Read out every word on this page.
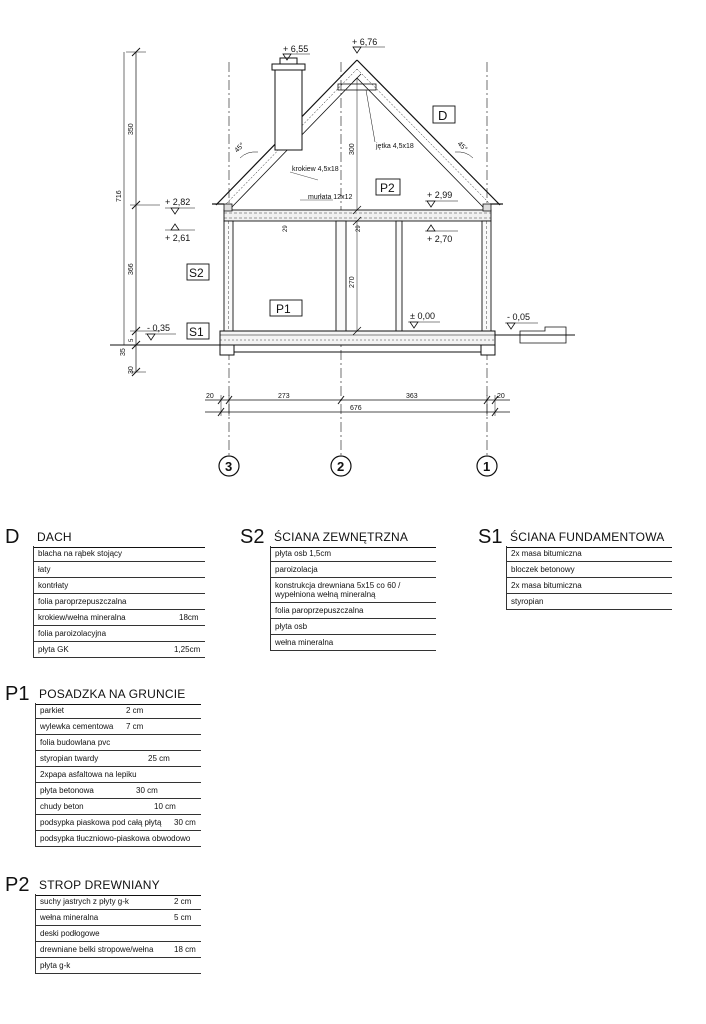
+ 6,55
+ 6,76
+ 2,82
+ 2,61
+ 2,99
+ 2,70
± 0,00
- 0,35
- 0,05
krokiew 4,5x18
jętka 4,5x18
murłata 12x12
45°	45°
D
P2
S2
P1
S1
716
350
366
35
30
5
300
270
29	29
20	273	363	20
676
3	2	1
D	DACH
blacha na rąbek stojący
łaty
kontrłaty
folia paroprzepuszczalna
krokiew/wełna mineralna	18cm
folia paroizolacyjna
płyta GK	1,25cm
S2 ŚCIANA ZEWNĘTRZNA
płyta osb 1,5cm
paroizolacja
konstrukcja drewniana 5x15 co 60 / wypełniona wełną mineralną
folia paroprzepuszczalna
płyta osb
wełna mineralna
S1 ŚCIANA FUNDAMENTOWA
2x masa bitumiczna
bloczek betonowy
2x masa bitumiczna
styropian
P1 POSADZKA NA GRUNCIE
parkiet	2 cm
wylewka cementowa 7 cm
folia budowlana pvc
styropian twardy	25 cm
2xpapa asfaltowa na lepiku
płyta betonowa	30 cm
chudy beton	10 cm
podsypka piaskowa pod całą płytą 30 cm
podsypka tłuczniowo-piaskowa obwodowo
P2 STROP DREWNIANY
suchy jastrych z płyty g-k	2 cm
wełna mineralna	5 cm
deski podłogowe
drewniane belki stropowe/wełna	18 cm
płyta g-k
